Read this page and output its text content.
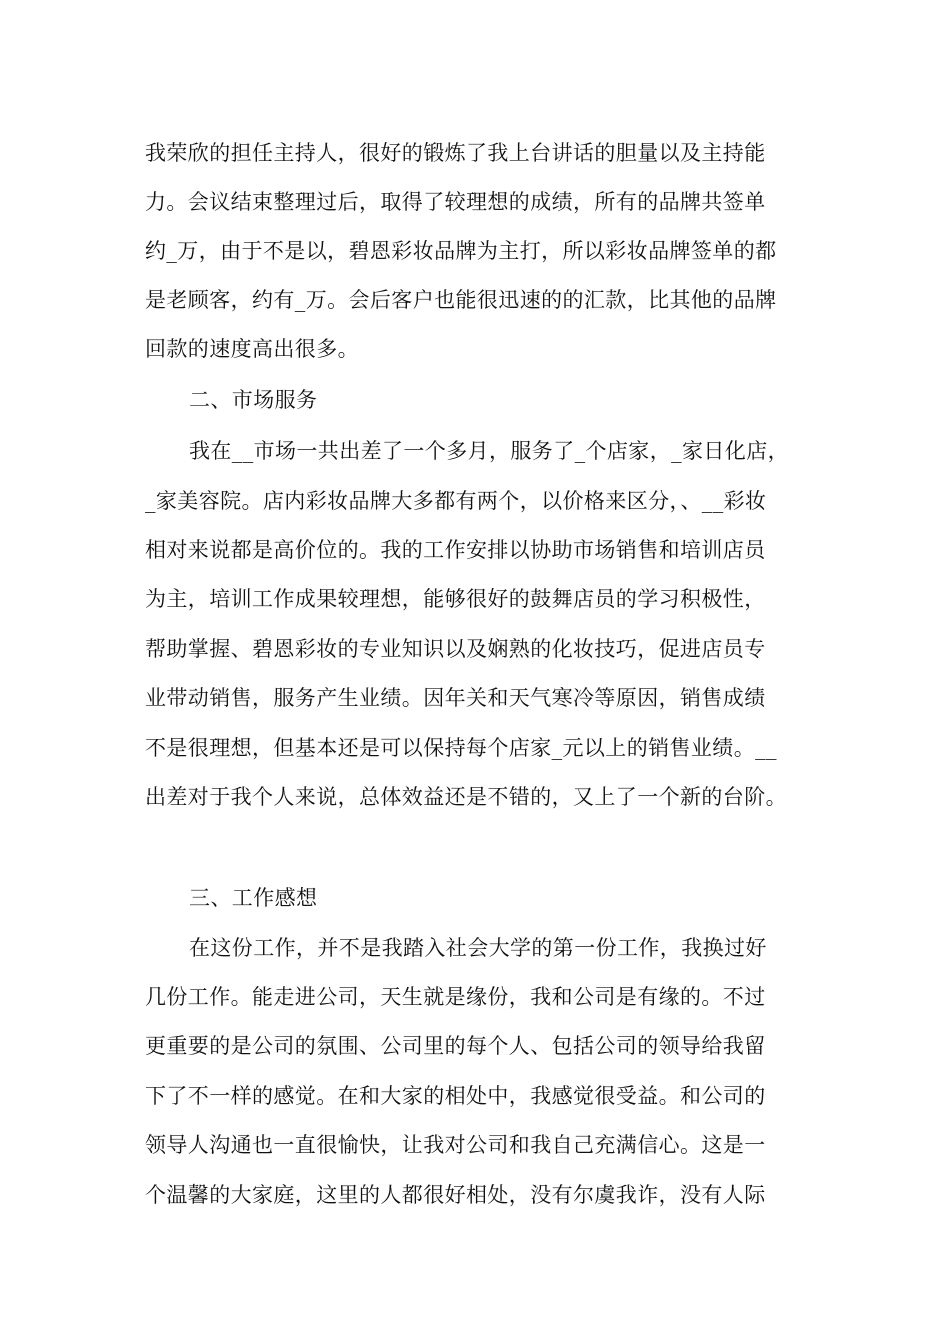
我荣欣的担任主持人，很好的锻炼了我上台讲话的胆量以及主持能
力。会议结束整理过后，取得了较理想的成绩，所有的品牌共签单
约_万，由于不是以，碧恩彩妆品牌为主打，所以彩妆品牌签单的都
是老顾客，约有_万。会后客户也能很迅速的的汇款，比其他的品牌
回款的速度高出很多。
二、市场服务
我在__市场一共出差了一个多月，服务了_个店家，_家日化店，
_家美容院。店内彩妆品牌大多都有两个，以价格来区分，、__彩妆
相对来说都是高价位的。我的工作安排以协助市场销售和培训店员
为主，培训工作成果较理想，能够很好的鼓舞店员的学习积极性，
帮助掌握、碧恩彩妆的专业知识以及娴熟的化妆技巧，促进店员专
业带动销售，服务产生业绩。因年关和天气寒冷等原因，销售成绩
不是很理想，但基本还是可以保持每个店家_元以上的销售业绩。__
出差对于我个人来说，总体效益还是不错的，又上了一个新的台阶。
三、工作感想
在这份工作，并不是我踏入社会大学的第一份工作，我换过好
几份工作。能走进公司，天生就是缘份，我和公司是有缘的。不过
更重要的是公司的氛围、公司里的每个人、包括公司的领导给我留
下了不一样的感觉。在和大家的相处中，我感觉很受益。和公司的
领导人沟通也一直很愉快，让我对公司和我自己充满信心。这是一
个温馨的大家庭，这里的人都很好相处，没有尔虞我诈，没有人际
